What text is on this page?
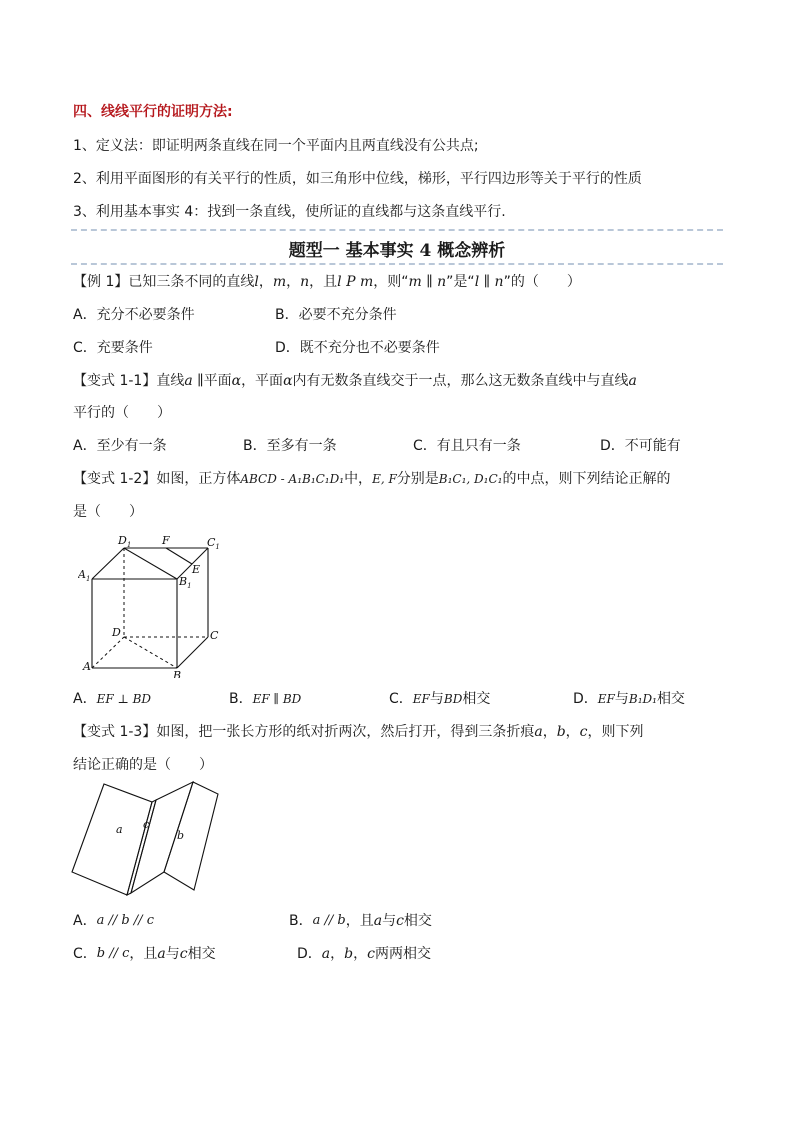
四、线线平行的证明方法:
1、定义法：即证明两条直线在同一个平面内且两直线没有公共点;
2、利用平面图形的有关平行的性质，如三角形中位线，梯形，平行四边形等关于平行的性质
3、利用基本事实 4：找到一条直线，使所证的直线都与这条直线平行.
题型一 基本事实 4 概念辨析
【例 1】已知三条不同的直线 l ， m ， n ，且 l P m ，则“ m ∥ n ”是“ l ∥ n ”的（　　）
A．充分不必要条件	B．必要不充分条件
C．充要条件	D．既不充分也不必要条件
【变式 1-1】直线 a ∥ 平面 α ，平面 α 内有无数条直线交于一点，那么这无数条直线中与直线 a
平行的（　　）
A．至少有一条	B．至多有一条	C．有且只有一条	D．不可能有
【变式 1-2】如图，正方体 ABCD - A₁B₁C₁D₁ 中， E, F 分别是 B₁C₁, D₁C₁ 的中点，则下列结论正解的
是（　　）
$D_1$	F	$C_1$
E
$A_1$	$B_1$
D	C
A
B
A． EF ⊥ BD	B． EF ∥ BD	C． EF 与 BD 相交	D． EF 与 B₁D₁ 相交
【变式 1-3】如图，把一张长方形的纸对折两次，然后打开，得到三条折痕 a ， b ， c ，则下列
结论正确的是（　　）
a c
b
A． a // b // c	B． a // b ，且 a 与 c 相交
C． b // c ，且 a 与 c 相交	D． a ， b ， c 两两相交
